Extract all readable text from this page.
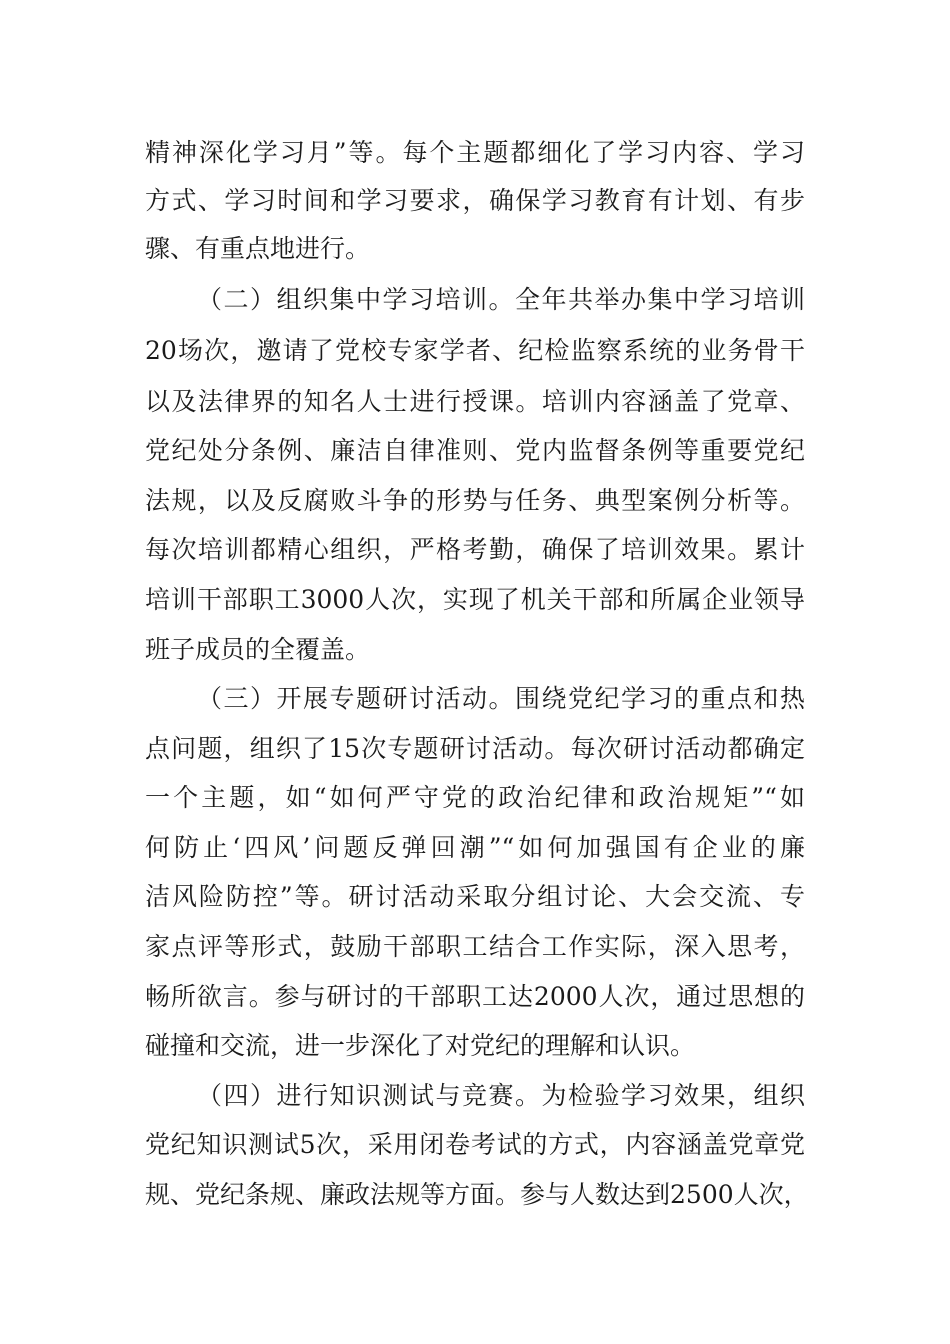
精神深化学习月”等。每个主题都细化了学习内容、学习
方式、学习时间和学习要求，确保学习教育有计划、有步
骤、有重点地进行。
（二）组织集中学习培训。全年共举办集中学习培训
20场次，邀请了党校专家学者、纪检监察系统的业务骨干
以及法律界的知名人士进行授课。培训内容涵盖了党章、
党纪处分条例、廉洁自律准则、党内监督条例等重要党纪
法规，以及反腐败斗争的形势与任务、典型案例分析等。
每次培训都精心组织，严格考勤，确保了培训效果。累计
培训干部职工3000人次，实现了机关干部和所属企业领导
班子成员的全覆盖。
（三）开展专题研讨活动。围绕党纪学习的重点和热
点问题，组织了15次专题研讨活动。每次研讨活动都确定
一个主题，如“如何严守党的政治纪律和政治规矩”“如
何防止‘四风’问题反弹回潮”“如何加强国有企业的廉
洁风险防控”等。研讨活动采取分组讨论、大会交流、专
家点评等形式，鼓励干部职工结合工作实际，深入思考，
畅所欲言。参与研讨的干部职工达2000人次，通过思想的
碰撞和交流，进一步深化了对党纪的理解和认识。
（四）进行知识测试与竞赛。为检验学习效果，组织
党纪知识测试5次，采用闭卷考试的方式，内容涵盖党章党
规、党纪条规、廉政法规等方面。参与人数达到2500人次，
